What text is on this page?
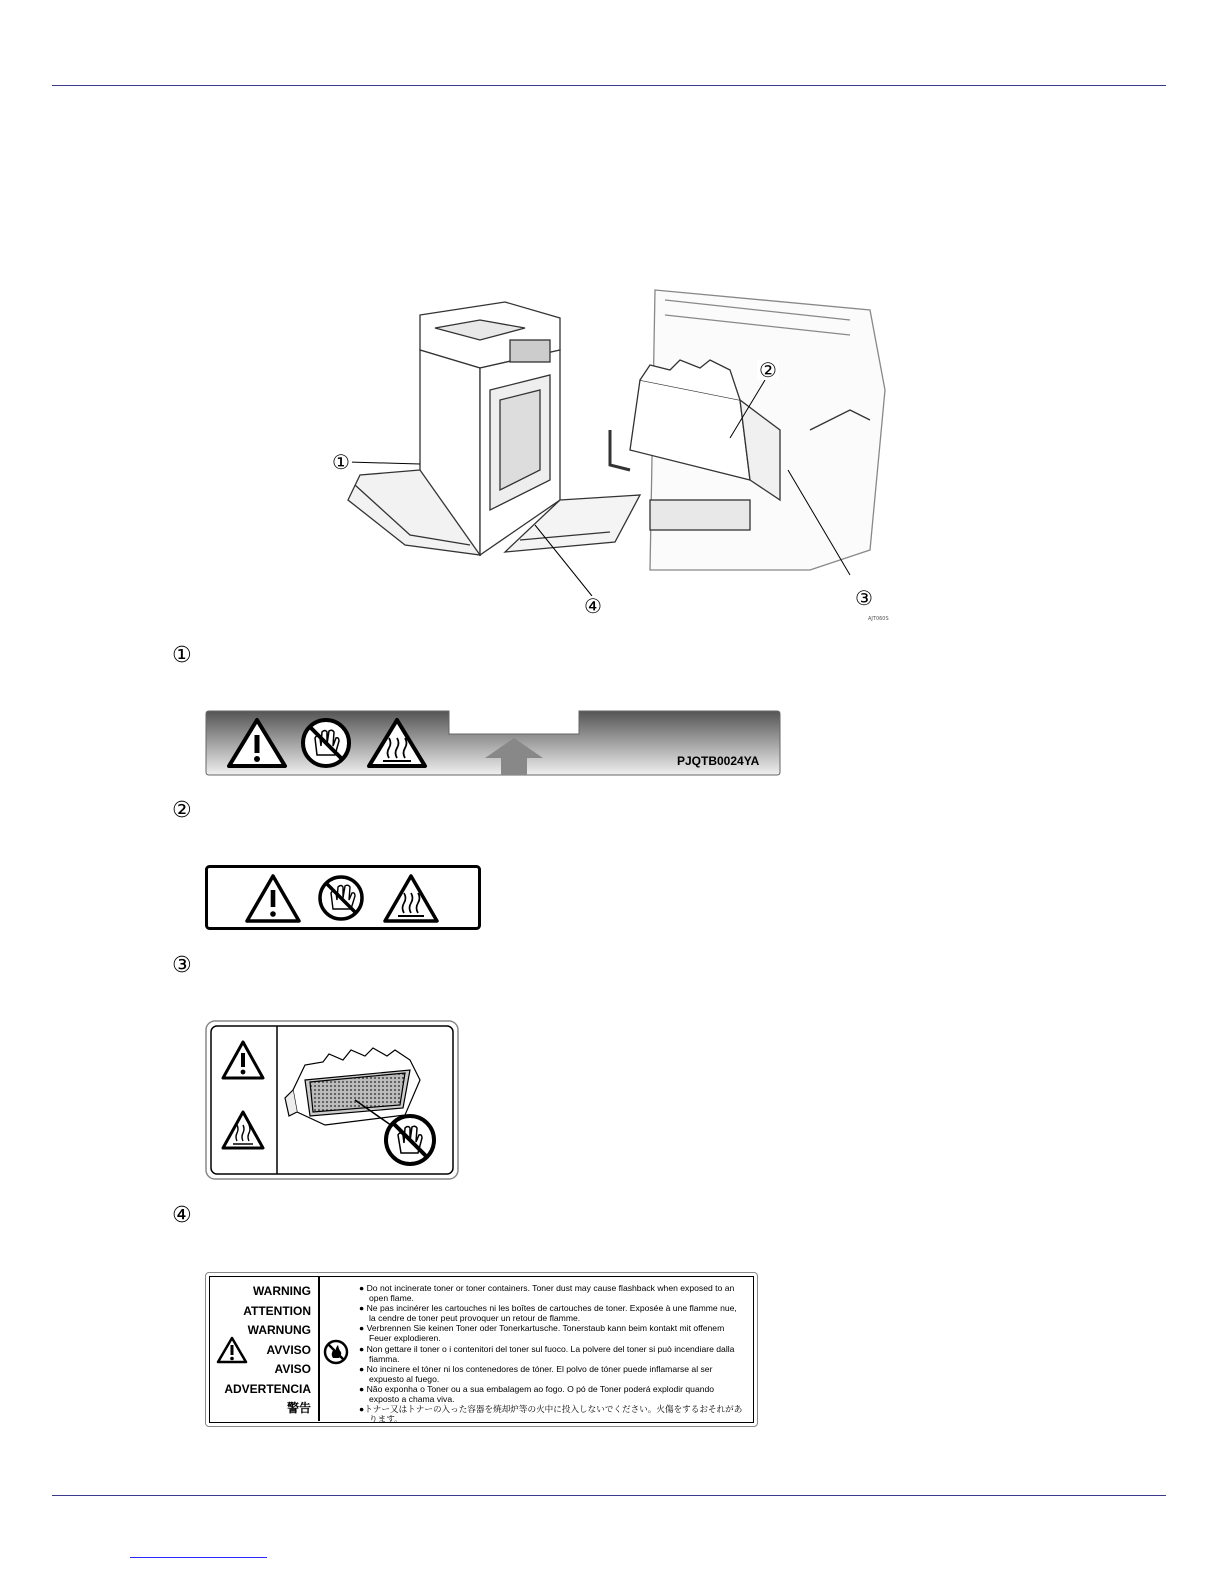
AJT060S
①
②
③
④
①
PJQTB0024YA
②
③
④
WARNING
ATTENTION
WARNUNG
AVVISO
AVISO
ADVERTENCIA
警告
● Do not incinerate toner or toner containers. Toner dust may cause flashback when exposed to an open flame.
● Ne pas incinérer les cartouches ni les boîtes de cartouches de toner. Exposée à une flamme nue, la cendre de toner peut provoquer un retour de flamme.
● Verbrennen Sie keinen Toner oder Tonerkartusche. Tonerstaub kann beim kontakt mit offenem Feuer explodieren.
● Non gettare il toner o i contenitori del toner sul fuoco. La polvere del toner si può incendiare dalla fiamma.
● No incinere el tóner ni los contenedores de tóner. El polvo de tóner puede inflamarse al ser expuesto al fuego.
● Não exponha o Toner ou a sua embalagem ao fogo. O pó de Toner poderá explodir quando exposto a chama viva.
●トナー又はトナーの入った容器を焼却炉等の火中に投入しないでください。火傷をするおそれがあります。
